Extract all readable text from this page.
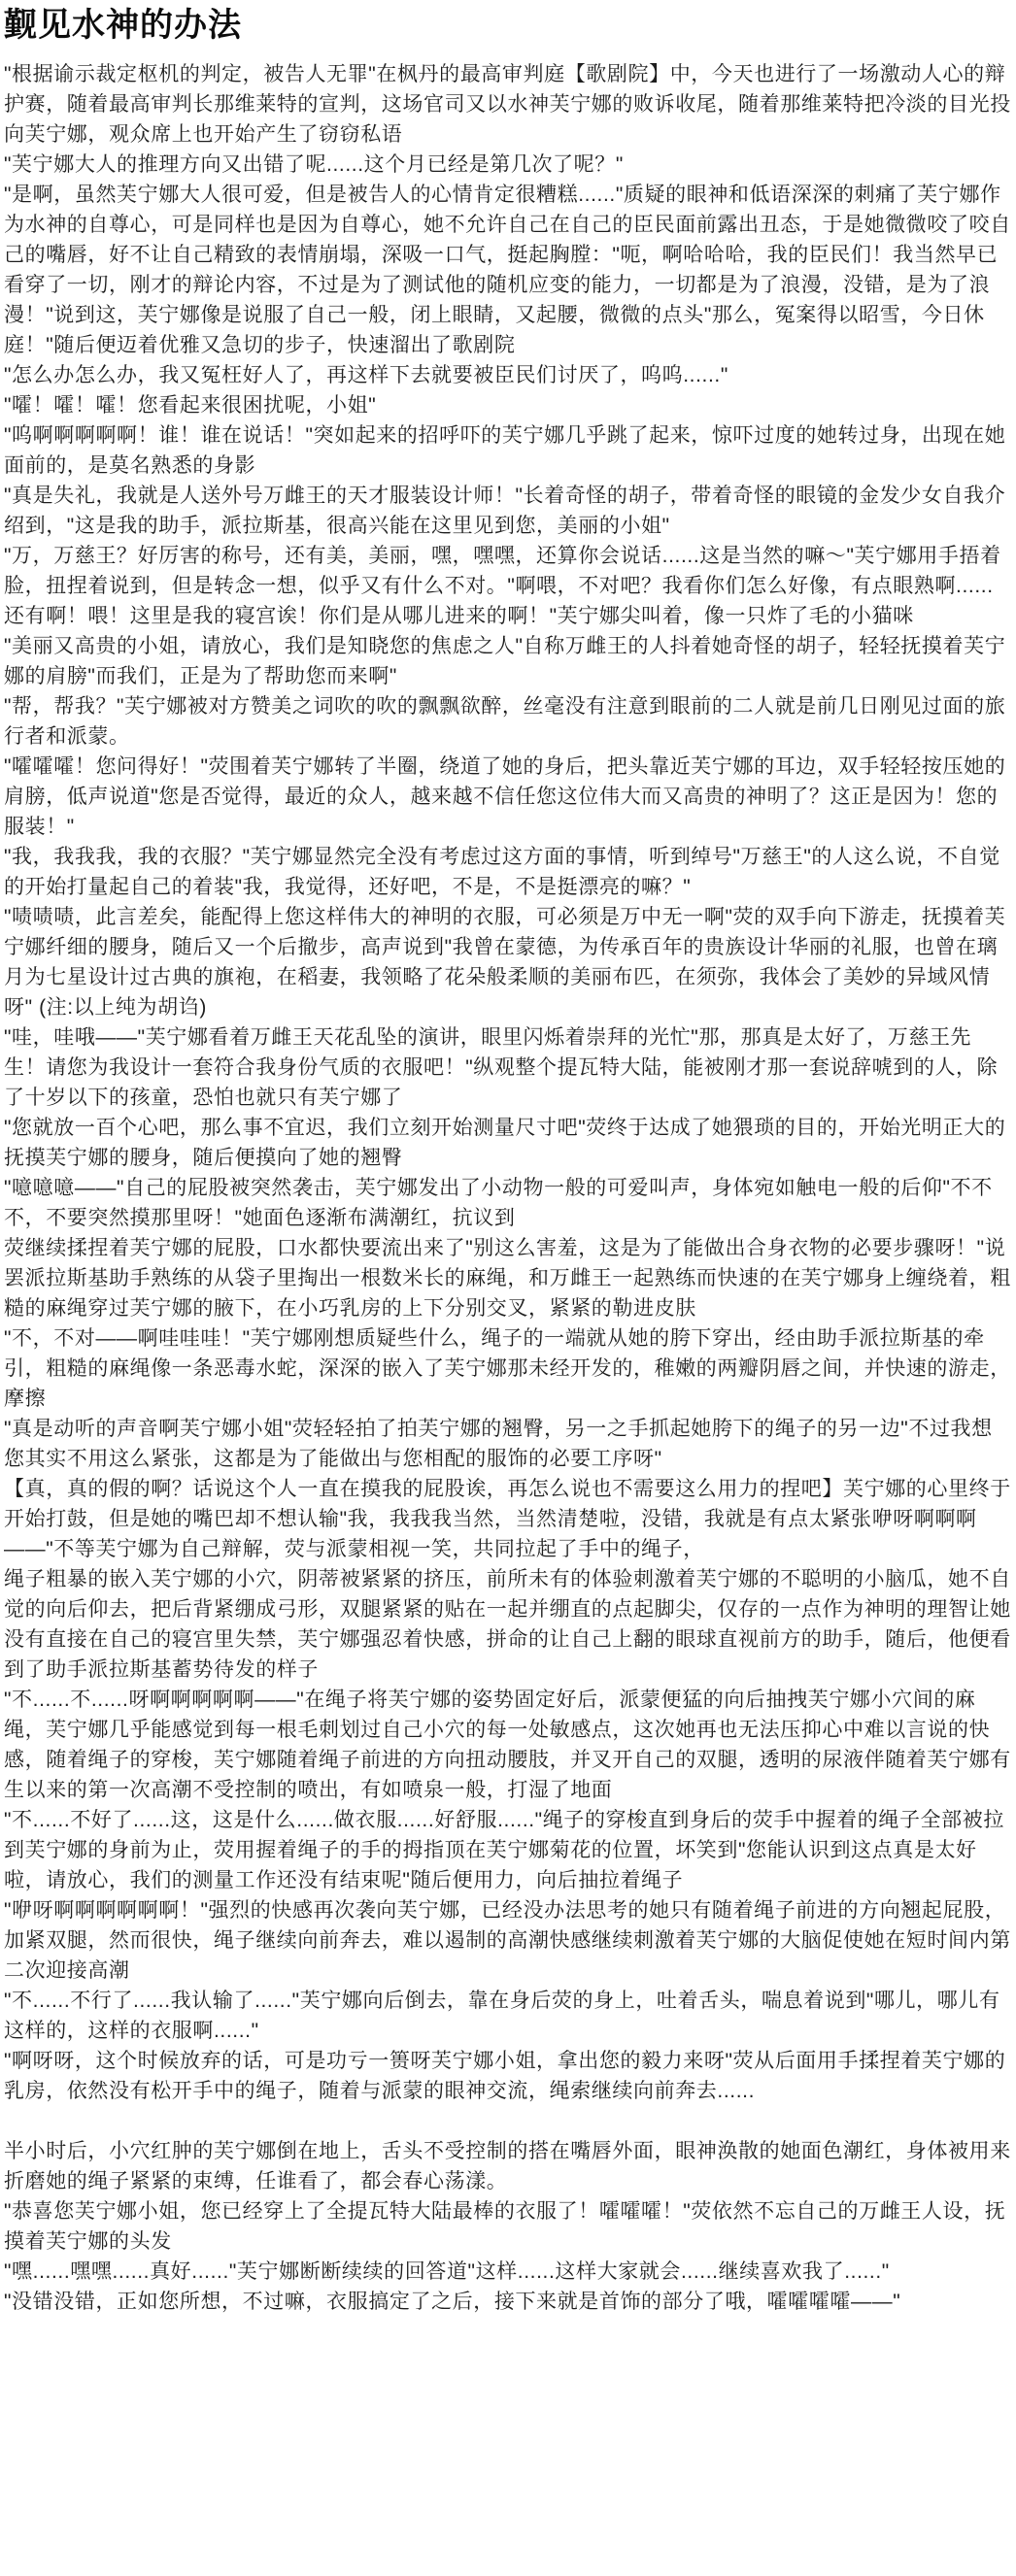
觐见水神的办法

"根据谕示裁定枢机的判定，被告人无罪"在枫丹的最高审判庭【歌剧院】中，今天也进行了一场激动人心的辩护赛，随着最高审判长那维莱特的宣判，这场官司又以水神芙宁娜的败诉收尾，随着那维莱特把冷淡的目光投向芙宁娜，观众席上也开始产生了窃窃私语

"芙宁娜大人的推理方向又出错了呢......这个月已经是第几次了呢？"

"是啊，虽然芙宁娜大人很可爱，但是被告人的心情肯定很糟糕......"质疑的眼神和低语深深的刺痛了芙宁娜作为水神的自尊心，可是同样也是因为自尊心，她不允许自己在自己的臣民面前露出丑态，于是她微微咬了咬自己的嘴唇，好不让自己精致的表情崩塌，深吸一口气，挺起胸膛："呃，啊哈哈哈，我的臣民们！我当然早已看穿了一切，刚才的辩论内容，不过是为了测试他的随机应变的能力，一切都是为了浪漫，没错，是为了浪漫！"说到这，芙宁娜像是说服了自己一般，闭上眼睛，又起腰，微微的点头"那么，冤案得以昭雪，今日休庭！"随后便迈着优雅又急切的步子，快速溜出了歌剧院

"怎么办怎么办，我又冤枉好人了，再这样下去就要被臣民们讨厌了，呜呜......"

"嚯！嚯！嚯！您看起来很困扰呢，小姐"

"呜啊啊啊啊啊！谁！谁在说话！"突如起来的招呼吓的芙宁娜几乎跳了起来，惊吓过度的她转过身，出现在她面前的，是莫名熟悉的身影

"真是失礼，我就是人送外号万雌王的天才服装设计师！"长着奇怪的胡子，带着奇怪的眼镜的金发少女自我介绍到，"这是我的助手，派拉斯基，很高兴能在这里见到您，美丽的小姐"

"万，万慈王？好厉害的称号，还有美，美丽，嘿，嘿嘿，还算你会说话......这是当然的嘛～"芙宁娜用手捂着脸，扭捏着说到，但是转念一想，似乎又有什么不对。"啊喂，不对吧？我看你们怎么好像，有点眼熟啊......还有啊！喂！这里是我的寝宫诶！你们是从哪儿进来的啊！"芙宁娜尖叫着，像一只炸了毛的小猫咪

"美丽又高贵的小姐，请放心，我们是知晓您的焦虑之人"自称万雌王的人抖着她奇怪的胡子，轻轻抚摸着芙宁娜的肩膀"而我们，正是为了帮助您而来啊"

"帮，帮我？"芙宁娜被对方赞美之词吹的吹的飘飘欲醉，丝毫没有注意到眼前的二人就是前几日刚见过面的旅行者和派蒙。

"嚯嚯嚯！您问得好！"荧围着芙宁娜转了半圈，绕道了她的身后，把头靠近芙宁娜的耳边，双手轻轻按压她的肩膀，低声说道"您是否觉得，最近的众人，越来越不信任您这位伟大而又高贵的神明了？这正是因为！您的服装！"

"我，我我我，我的衣服？"芙宁娜显然完全没有考虑过这方面的事情，听到绰号"万慈王"的人这么说，不自觉的开始打量起自己的着装"我，我觉得，还好吧，不是，不是挺漂亮的嘛？"

"啧啧啧，此言差矣，能配得上您这样伟大的神明的衣服，可必须是万中无一啊"荧的双手向下游走，抚摸着芙宁娜纤细的腰身，随后又一个后撤步，高声说到"我曾在蒙德，为传承百年的贵族设计华丽的礼服，也曾在璃月为七星设计过古典的旗袍，在稻妻，我领略了花朵般柔顺的美丽布匹，在须弥，我体会了美妙的异域风情呀" (注:以上纯为胡诌)

"哇，哇哦——"芙宁娜看着万雌王天花乱坠的演讲，眼里闪烁着崇拜的光忙"那，那真是太好了，万慈王先生！请您为我设计一套符合我身份气质的衣服吧！"纵观整个提瓦特大陆，能被刚才那一套说辞唬到的人，除了十岁以下的孩童，恐怕也就只有芙宁娜了

"您就放一百个心吧，那么事不宜迟，我们立刻开始测量尺寸吧"荧终于达成了她猥琐的目的，开始光明正大的抚摸芙宁娜的腰身，随后便摸向了她的翘臀

"噫噫噫——"自己的屁股被突然袭击，芙宁娜发出了小动物一般的可爱叫声，身体宛如触电一般的后仰"不不不，不要突然摸那里呀！"她面色逐渐布满潮红，抗议到

荧继续揉捏着芙宁娜的屁股，口水都快要流出来了"别这么害羞，这是为了能做出合身衣物的必要步骤呀！"说罢派拉斯基助手熟练的从袋子里掏出一根数米长的麻绳，和万雌王一起熟练而快速的在芙宁娜身上缠绕着，粗糙的麻绳穿过芙宁娜的腋下，在小巧乳房的上下分别交叉，紧紧的勒进皮肤

"不，不对——啊哇哇哇！"芙宁娜刚想质疑些什么，绳子的一端就从她的胯下穿出，经由助手派拉斯基的牵引，粗糙的麻绳像一条恶毒水蛇，深深的嵌入了芙宁娜那未经开发的，稚嫩的两瓣阴唇之间，并快速的游走，摩擦

"真是动听的声音啊芙宁娜小姐"荧轻轻拍了拍芙宁娜的翘臀，另一之手抓起她胯下的绳子的另一边"不过我想您其实不用这么紧张，这都是为了能做出与您相配的服饰的必要工序呀"

【真，真的假的啊？话说这个人一直在摸我的屁股诶，再怎么说也不需要这么用力的捏吧】芙宁娜的心里终于开始打鼓，但是她的嘴巴却不想认输"我，我我我当然，当然清楚啦，没错，我就是有点太紧张咿呀啊啊啊——"不等芙宁娜为自己辩解，荧与派蒙相视一笑，共同拉起了手中的绳子，

绳子粗暴的嵌入芙宁娜的小穴，阴蒂被紧紧的挤压，前所未有的体验刺激着芙宁娜的不聪明的小脑瓜，她不自觉的向后仰去，把后背紧绷成弓形，双腿紧紧的贴在一起并绷直的点起脚尖，仅存的一点作为神明的理智让她没有直接在自己的寝宫里失禁，芙宁娜强忍着快感，拼命的让自己上翻的眼球直视前方的助手，随后，他便看到了助手派拉斯基蓄势待发的样子

"不......不......呀啊啊啊啊啊——"在绳子将芙宁娜的姿势固定好后，派蒙便猛的向后抽拽芙宁娜小穴间的麻绳，芙宁娜几乎能感觉到每一根毛刺划过自己小穴的每一处敏感点，这次她再也无法压抑心中难以言说的快感，随着绳子的穿梭，芙宁娜随着绳子前进的方向扭动腰肢，并叉开自己的双腿，透明的尿液伴随着芙宁娜有生以来的第一次高潮不受控制的喷出，有如喷泉一般，打湿了地面

"不......不好了......这，这是什么......做衣服......好舒服......"绳子的穿梭直到身后的荧手中握着的绳子全部被拉到芙宁娜的身前为止，荧用握着绳子的手的拇指顶在芙宁娜菊花的位置，坏笑到"您能认识到这点真是太好啦，请放心，我们的测量工作还没有结束呢"随后便用力，向后抽拉着绳子

"咿呀啊啊啊啊啊啊！"强烈的快感再次袭向芙宁娜，已经没办法思考的她只有随着绳子前进的方向翘起屁股，加紧双腿，然而很快，绳子继续向前奔去，难以遏制的高潮快感继续刺激着芙宁娜的大脑促使她在短时间内第二次迎接高潮

"不......不行了......我认输了......"芙宁娜向后倒去，靠在身后荧的身上，吐着舌头，喘息着说到"哪儿，哪儿有这样的，这样的衣服啊......"

"啊呀呀，这个时候放弃的话，可是功亏一篑呀芙宁娜小姐，拿出您的毅力来呀"荧从后面用手揉捏着芙宁娜的乳房，依然没有松开手中的绳子，随着与派蒙的眼神交流，绳索继续向前奔去......

半小时后，小穴红肿的芙宁娜倒在地上，舌头不受控制的搭在嘴唇外面，眼神涣散的她面色潮红，身体被用来折磨她的绳子紧紧的束缚，任谁看了，都会春心荡漾。

"恭喜您芙宁娜小姐，您已经穿上了全提瓦特大陆最棒的衣服了！嚯嚯嚯！"荧依然不忘自己的万雌王人设，抚摸着芙宁娜的头发

"嘿......嘿嘿......真好......"芙宁娜断断续续的回答道"这样......这样大家就会......继续喜欢我了......"

"没错没错，正如您所想，不过嘛，衣服搞定了之后，接下来就是首饰的部分了哦，嚯嚯嚯嚯——"
